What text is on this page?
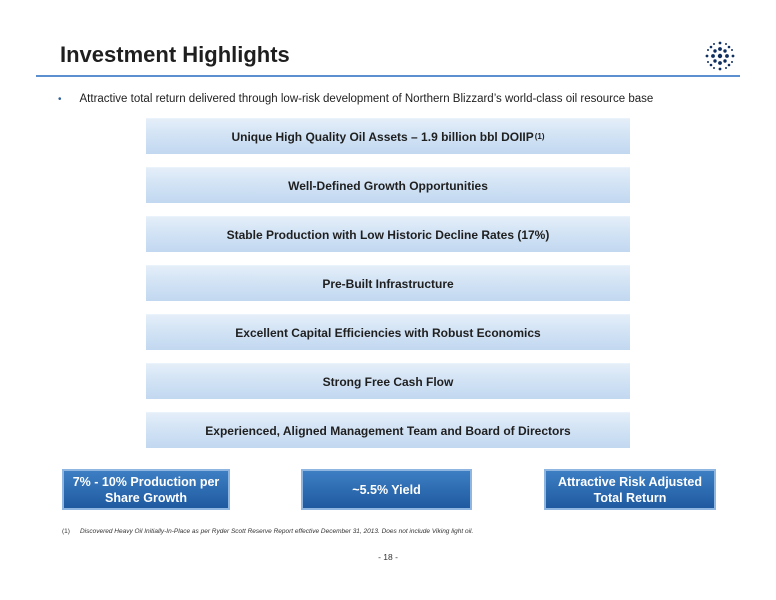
Investment Highlights
• Attractive total return delivered through low-risk development of Northern Blizzard’s world-class oil resource base
Unique High Quality Oil Assets – 1.9 billion bbl DOIIP (1)
Well-Defined Growth Opportunities
Stable Production with Low Historic Decline Rates (17%)
Pre-Built Infrastructure
Excellent Capital Efficiencies with Robust Economics
Strong Free Cash Flow
Experienced, Aligned Management Team and Board of Directors
7% - 10% Production per
Share Growth
~5.5% Yield
Attractive Risk Adjusted
Total Return
(1) Discovered Heavy Oil Initially-In-Place as per Ryder Scott Reserve Report effective December 31, 2013. Does not include Viking light oil.
- 18 -
